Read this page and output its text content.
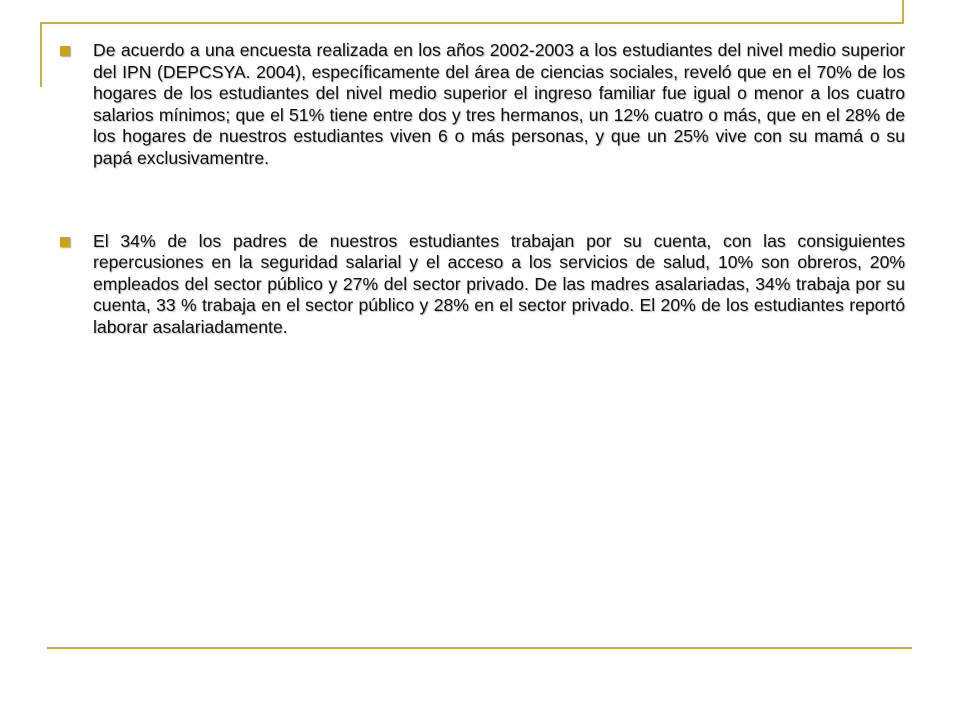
De acuerdo a una encuesta realizada en los años 2002-2003 a los estudiantes del nivel medio superior del IPN (DEPCSYA. 2004), específicamente del área de ciencias sociales, reveló que en el 70% de los hogares de los estudiantes del nivel medio superior el ingreso familiar fue igual o menor a los cuatro salarios mínimos; que el 51% tiene entre dos y tres hermanos, un 12% cuatro o más, que en el 28% de los hogares de nuestros estudiantes viven 6 o más personas, y que un 25% vive con su mamá o su papá exclusivamentre.

El 34% de los padres de nuestros estudiantes trabajan por su cuenta, con las consiguientes repercusiones en la seguridad salarial y el acceso a los servicios de salud, 10% son obreros, 20% empleados del sector público y 27% del sector privado. De las madres asalariadas, 34% trabaja por su cuenta, 33 % trabaja en el sector público y 28% en el sector privado. El 20% de los estudiantes reportó laborar asalariadamente.
